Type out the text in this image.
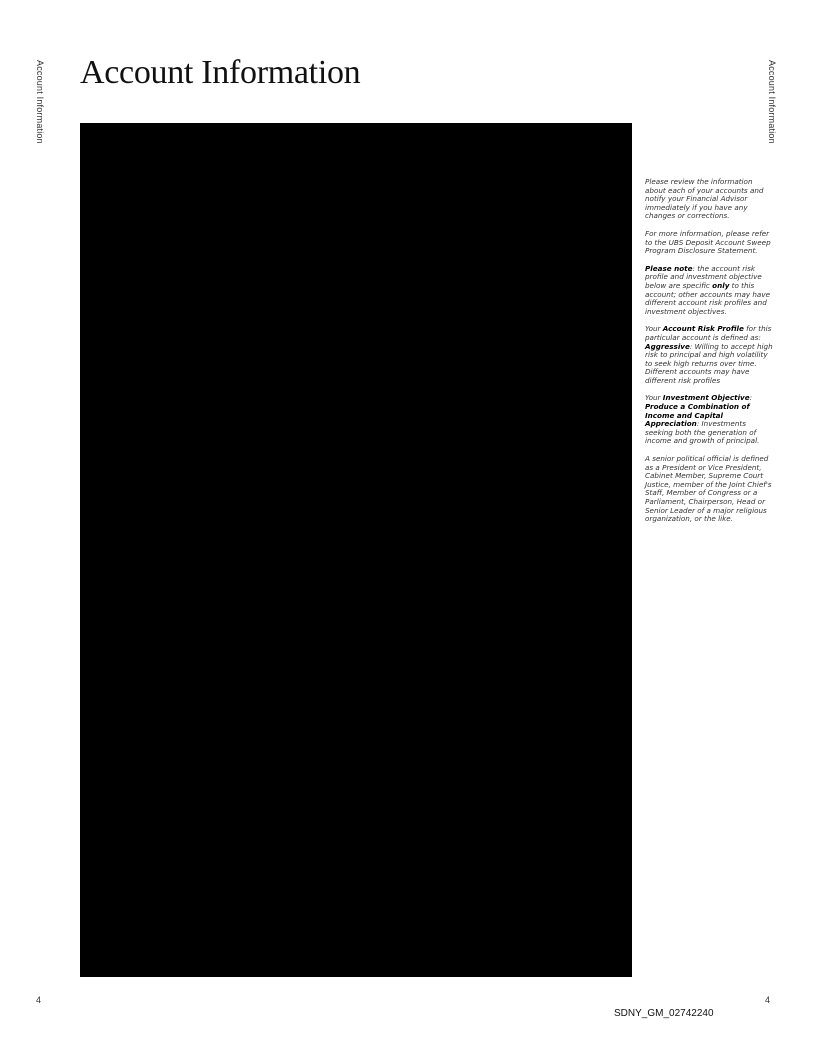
Account Information	Account Information
Account Information

Please review the information about each of your accounts and notify your Financial Advisor immediately if you have any changes or corrections.

For more information, please refer to the UBS Deposit Account Sweep Program Disclosure Statement.

Please note: the account risk profile and investment objective below are specific only to this account; other accounts may have different account risk profiles and investment objectives.

Your Account Risk Profile for this particular account is defined as:
Aggressive: Willing to accept high risk to principal and high volatility to seek high returns over time.
Different accounts may have different risk profiles

Your Investment Objective: Produce a Combination of Income and Capital Appreciation: Investments seeking both the generation of income and growth of principal.

A senior political official is defined as a President or Vice President, Cabinet Member, Supreme Court Justice, member of the Joint Chief's Staff, Member of Congress or a Parliament, Chairperson, Head or Senior Leader of a major religious organization, or the like.

4	4
SDNY_GM_02742240
